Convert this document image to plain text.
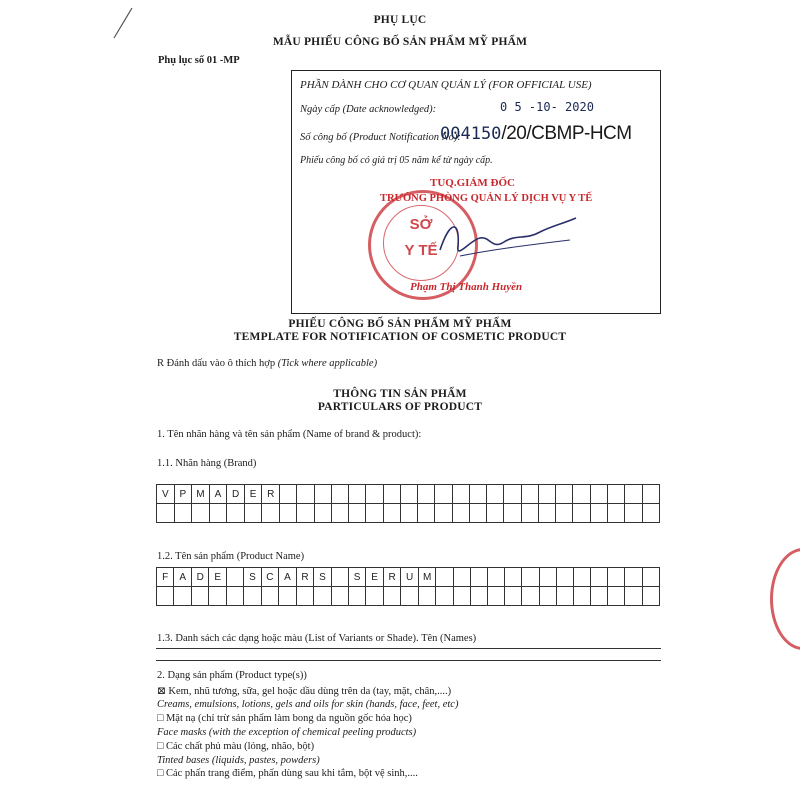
PHỤ LỤC
MẪU PHIẾU CÔNG BỐ SẢN PHẨM MỸ PHẨM
Phụ lục số 01 -MP
PHẦN DÀNH CHO CƠ QUAN QUẢN LÝ (FOR OFFICIAL USE)
Ngày cấp (Date acknowledged):	0 5 -10- 2020
Số công bố (Product Notification No):
004150/20/CBMP-HCM
Phiếu công bố có giá trị 05 năm kể từ ngày cấp.
TUQ.GIÁM ĐỐC
TRƯỞNG PHÒNG QUẢN LÝ DỊCH VỤ Y TẾ
Phạm Thị Thanh Huyền
SỞ
Y TẾ
PHIẾU CÔNG BỐ SẢN PHẨM MỸ PHẨM
TEMPLATE FOR NOTIFICATION OF COSMETIC PRODUCT
R Đánh dấu vào ô thích hợp (Tick where applicable)
THÔNG TIN SẢN PHẨM
PARTICULARS OF PRODUCT
1. Tên nhãn hàng và tên sản phẩm (Name of brand & product):
1.1. Nhãn hàng (Brand)
V	P	M	A	D	E	R																						

1.2. Tên sản phẩm (Product Name)
F	A	D	E		S	C	A	R	S		S	E	R	U	M													

1.3. Danh sách các dạng hoặc màu (List of Variants or Shade). Tên (Names)
2. Dạng sản phẩm (Product type(s))
⊠ Kem, nhũ tương, sữa, gel hoặc dầu dùng trên da (tay, mặt, chân,....)
Creams, emulsions, lotions, gels and oils for skin (hands, face, feet, etc)
□ Mặt nạ (chỉ trừ sản phẩm làm bong da nguồn gốc hóa học)
Face masks (with the exception of chemical peeling products)
□ Các chất phủ màu (lỏng, nhão, bột)
Tinted bases (liquids, pastes, powders)
□ Các phấn trang điểm, phấn dùng sau khi tắm, bột vệ sinh,....
